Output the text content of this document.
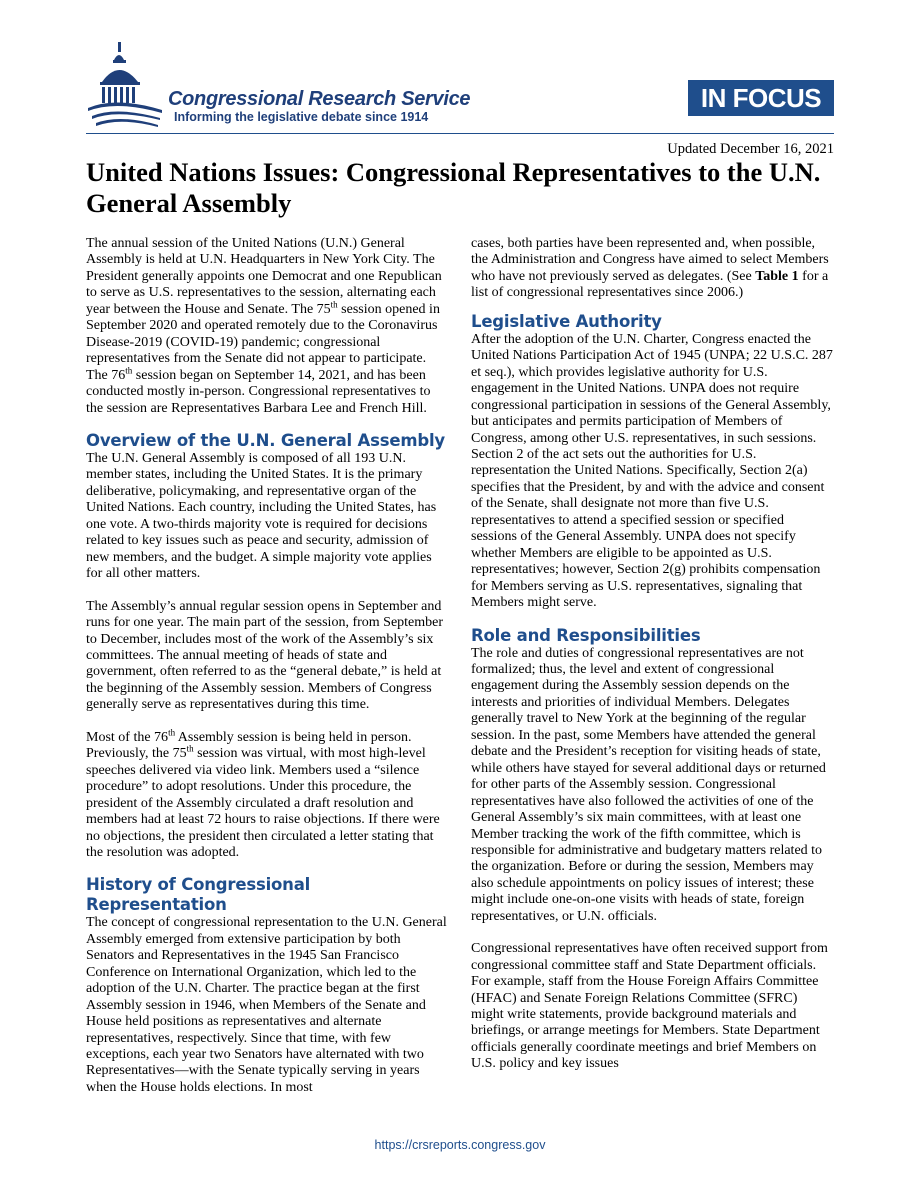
Congressional Research Service
Informing the legislative debate since 1914
IN FOCUS
Updated December 16, 2021
United Nations Issues: Congressional Representatives to the U.N. General Assembly

The annual session of the United Nations (U.N.) General Assembly is held at U.N. Headquarters in New York City. The President generally appoints one Democrat and one Republican to serve as U.S. representatives to the session, alternating each year between the House and Senate. The 75th session opened in September 2020 and operated remotely due to the Coronavirus Disease-2019 (COVID-19) pandemic; congressional representatives from the Senate did not appear to participate. The 76th session began on September 14, 2021, and has been conducted mostly in-person. Congressional representatives to the session are Representatives Barbara Lee and French Hill.

Overview of the U.N. General Assembly

The U.N. General Assembly is composed of all 193 U.N. member states, including the United States. It is the primary deliberative, policymaking, and representative organ of the United Nations. Each country, including the United States, has one vote. A two-thirds majority vote is required for decisions related to key issues such as peace and security, admission of new members, and the budget. A simple majority vote applies for all other matters.

The Assembly’s annual regular session opens in September and runs for one year. The main part of the session, from September to December, includes most of the work of the Assembly’s six committees. The annual meeting of heads of state and government, often referred to as the “general debate,” is held at the beginning of the Assembly session. Members of Congress generally serve as representatives during this time.

Most of the 76th Assembly session is being held in person. Previously, the 75th session was virtual, with most high-level speeches delivered via video link. Members used a “silence procedure” to adopt resolutions. Under this procedure, the president of the Assembly circulated a draft resolution and members had at least 72 hours to raise objections. If there were no objections, the president then circulated a letter stating that the resolution was adopted.

History of Congressional Representation

The concept of congressional representation to the U.N. General Assembly emerged from extensive participation by both Senators and Representatives in the 1945 San Francisco Conference on International Organization, which led to the adoption of the U.N. Charter. The practice began at the first Assembly session in 1946, when Members of the Senate and House held positions as representatives and alternate representatives, respectively. Since that time, with few exceptions, each year two Senators have alternated with two Representatives—with the Senate typically serving in years when the House holds elections. In most

cases, both parties have been represented and, when possible, the Administration and Congress have aimed to select Members who have not previously served as delegates. (See Table 1 for a list of congressional representatives since 2006.)

Legislative Authority

After the adoption of the U.N. Charter, Congress enacted the United Nations Participation Act of 1945 (UNPA; 22 U.S.C. 287 et seq.), which provides legislative authority for U.S. engagement in the United Nations. UNPA does not require congressional participation in sessions of the General Assembly, but anticipates and permits participation of Members of Congress, among other U.S. representatives, in such sessions. Section 2 of the act sets out the authorities for U.S. representation the United Nations. Specifically, Section 2(a) specifies that the President, by and with the advice and consent of the Senate, shall designate not more than five U.S. representatives to attend a specified session or specified sessions of the General Assembly. UNPA does not specify whether Members are eligible to be appointed as U.S. representatives; however, Section 2(g) prohibits compensation for Members serving as U.S. representatives, signaling that Members might serve.

Role and Responsibilities

The role and duties of congressional representatives are not formalized; thus, the level and extent of congressional engagement during the Assembly session depends on the interests and priorities of individual Members. Delegates generally travel to New York at the beginning of the regular session. In the past, some Members have attended the general debate and the President’s reception for visiting heads of state, while others have stayed for several additional days or returned for other parts of the Assembly session. Congressional representatives have also followed the activities of one of the General Assembly’s six main committees, with at least one Member tracking the work of the fifth committee, which is responsible for administrative and budgetary matters related to the organization. Before or during the session, Members may also schedule appointments on policy issues of interest; these might include one-on-one visits with heads of state, foreign representatives, or U.N. officials.

Congressional representatives have often received support from congressional committee staff and State Department officials. For example, staff from the House Foreign Affairs Committee (HFAC) and Senate Foreign Relations Committee (SFRC) might write statements, provide background materials and briefings, or arrange meetings for Members. State Department officials generally coordinate meetings and brief Members on U.S. policy and key issues

https://crsreports.congress.gov
